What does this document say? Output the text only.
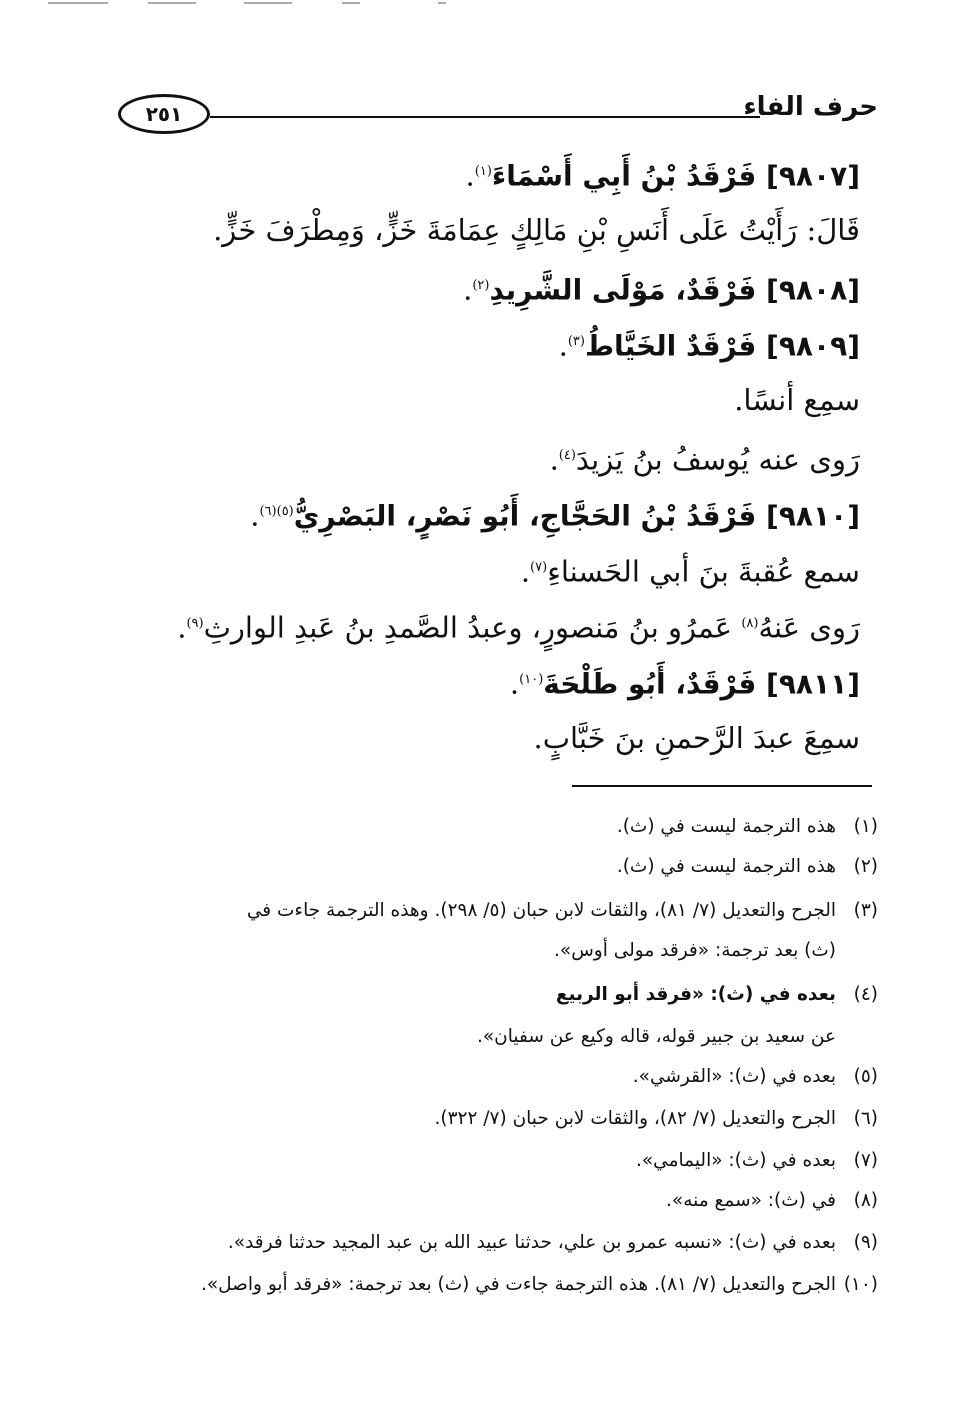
٢٥١	حرف الفاء
[٩٨٠٧] فَرْقَدُ بْنُ أَبِي أَسْمَاءَ$^{(١)}$.
قَالَ: رَأَيْتُ عَلَى أَنَسِ بْنِ مَالِكٍ عِمَامَةَ خَزٍّ، وَمِطْرَفَ خَزٍّ.
[٩٨٠٨] فَرْقَدٌ، مَوْلَى الشَّرِيدِ$^{(٢)}$.
[٩٨٠٩] فَرْقَدٌ الخَيَّاطُ$^{(٣)}$.
سمِع أنسًا.
رَوى عنه يُوسفُ بنُ يَزيدَ$^{(٤)}$.
[٩٨١٠] فَرْقَدُ بْنُ الحَجَّاجِ، أَبُو نَصْرٍ، البَصْرِيُّ$^{(٥)(٦)}$.
سمع عُقبةَ بنَ أبي الحَسناءِ$^{(٧)}$.
رَوى عَنهُ$^{(٨)}$ عَمرُو بنُ مَنصورٍ، وعبدُ الصَّمدِ بنُ عَبدِ الوارثِ$^{(٩)}$.
[٩٨١١] فَرْقَدٌ، أَبُو طَلْحَةَ$^{(١٠)}$.
سمِعَ عبدَ الرَّحمنِ بنَ خَبَّابٍ.
(١)هذه الترجمة ليست في (ث).
(٢)هذه الترجمة ليست في (ث).
(٣)الجرح والتعديل (٧/ ٨١)، والثقات لابن حبان (٥/ ٢٩٨). وهذه الترجمة جاءت في
(ث) بعد ترجمة: «فرقد مولى أوس».
(٤)بعده في (ث): «فرقد أبو الربيع
عن سعيد بن جبير قوله، قاله وكيع عن سفيان».
(٥)بعده في (ث): «القرشي».
(٦)الجرح والتعديل (٧/ ٨٢)، والثقات لابن حبان (٧/ ٣٢٢).
(٧)بعده في (ث): «اليمامي».
(٨)في (ث): «سمع منه».
(٩)بعده في (ث): «نسبه عمرو بن علي، حدثنا عبيد الله بن عبد المجيد حدثنا فرقد».
(١٠)الجرح والتعديل (٧/ ٨١). هذه الترجمة جاءت في (ث) بعد ترجمة: «فرقد أبو واصل».
